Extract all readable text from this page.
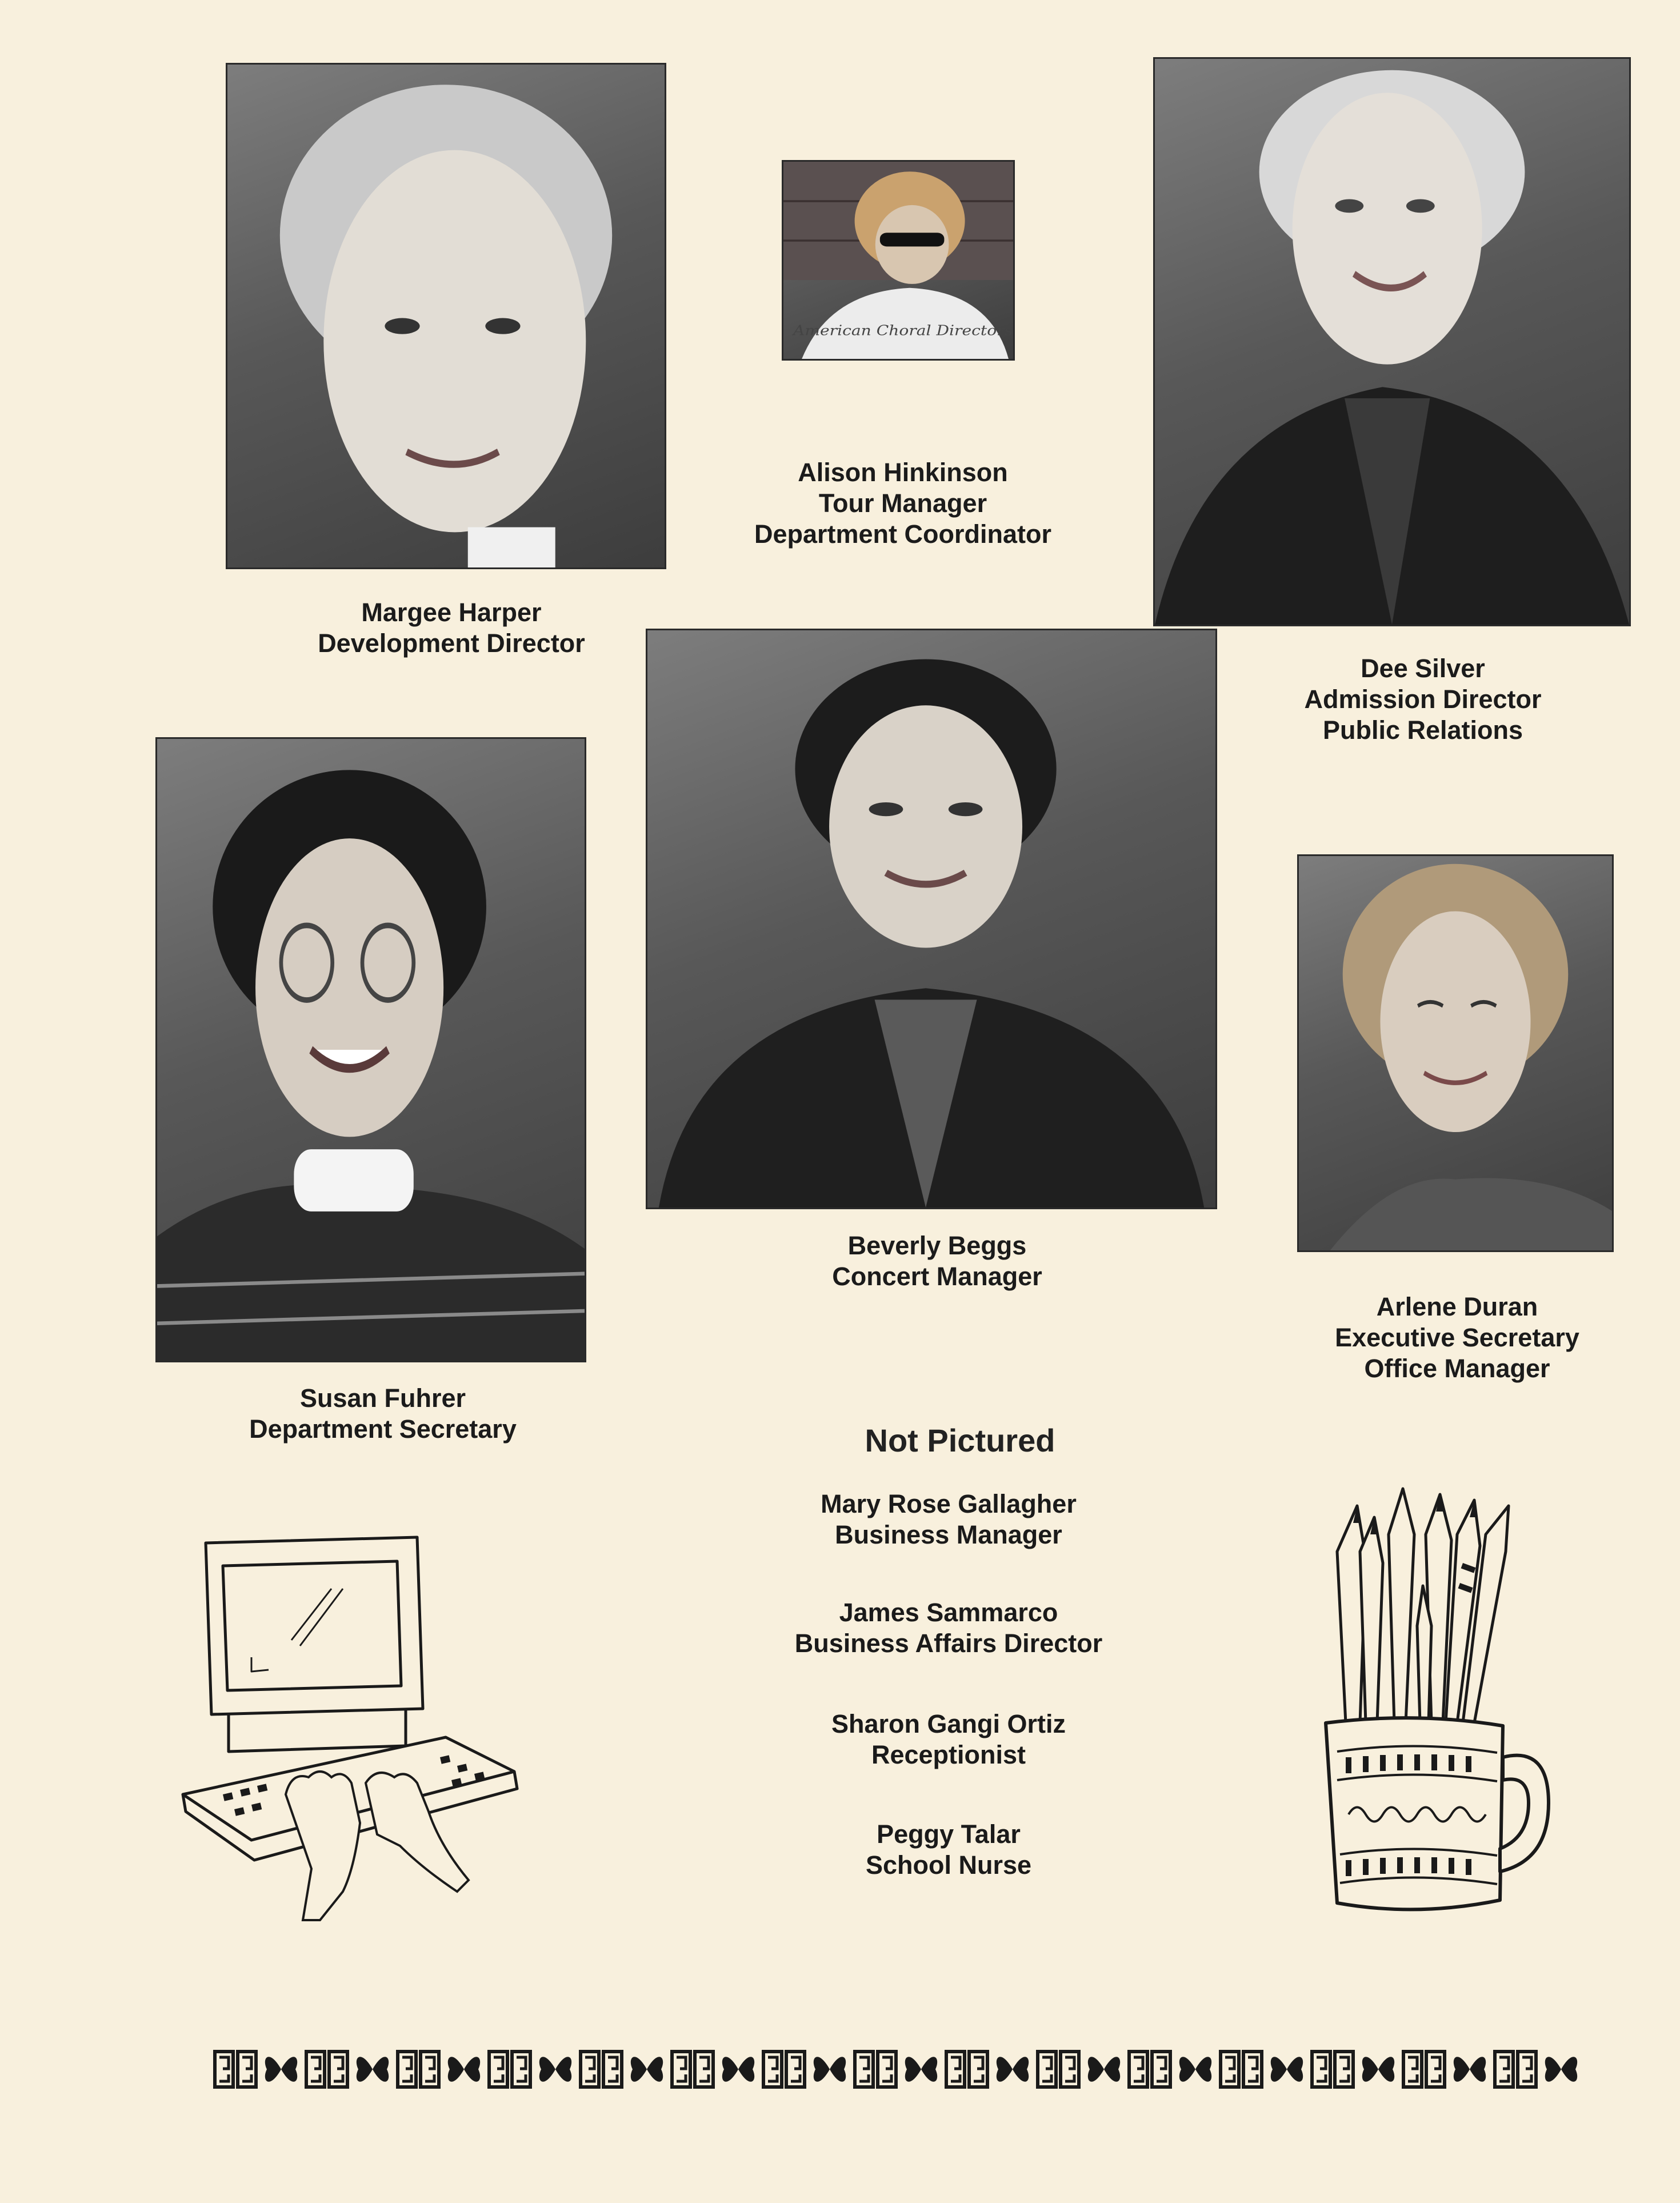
American Choral Directors
Margee Harper
Development Director
Alison Hinkinson
Tour Manager
Department Coordinator
Dee Silver
Admission Director
Public Relations
Beverly Beggs
Concert Manager
Susan Fuhrer
Department Secretary
Arlene Duran
Executive Secretary
Office Manager
Not Pictured
Mary Rose Gallagher
Business Manager
James Sammarco
Business Affairs Director
Sharon Gangi Ortiz
Receptionist
Peggy Talar
School Nurse
